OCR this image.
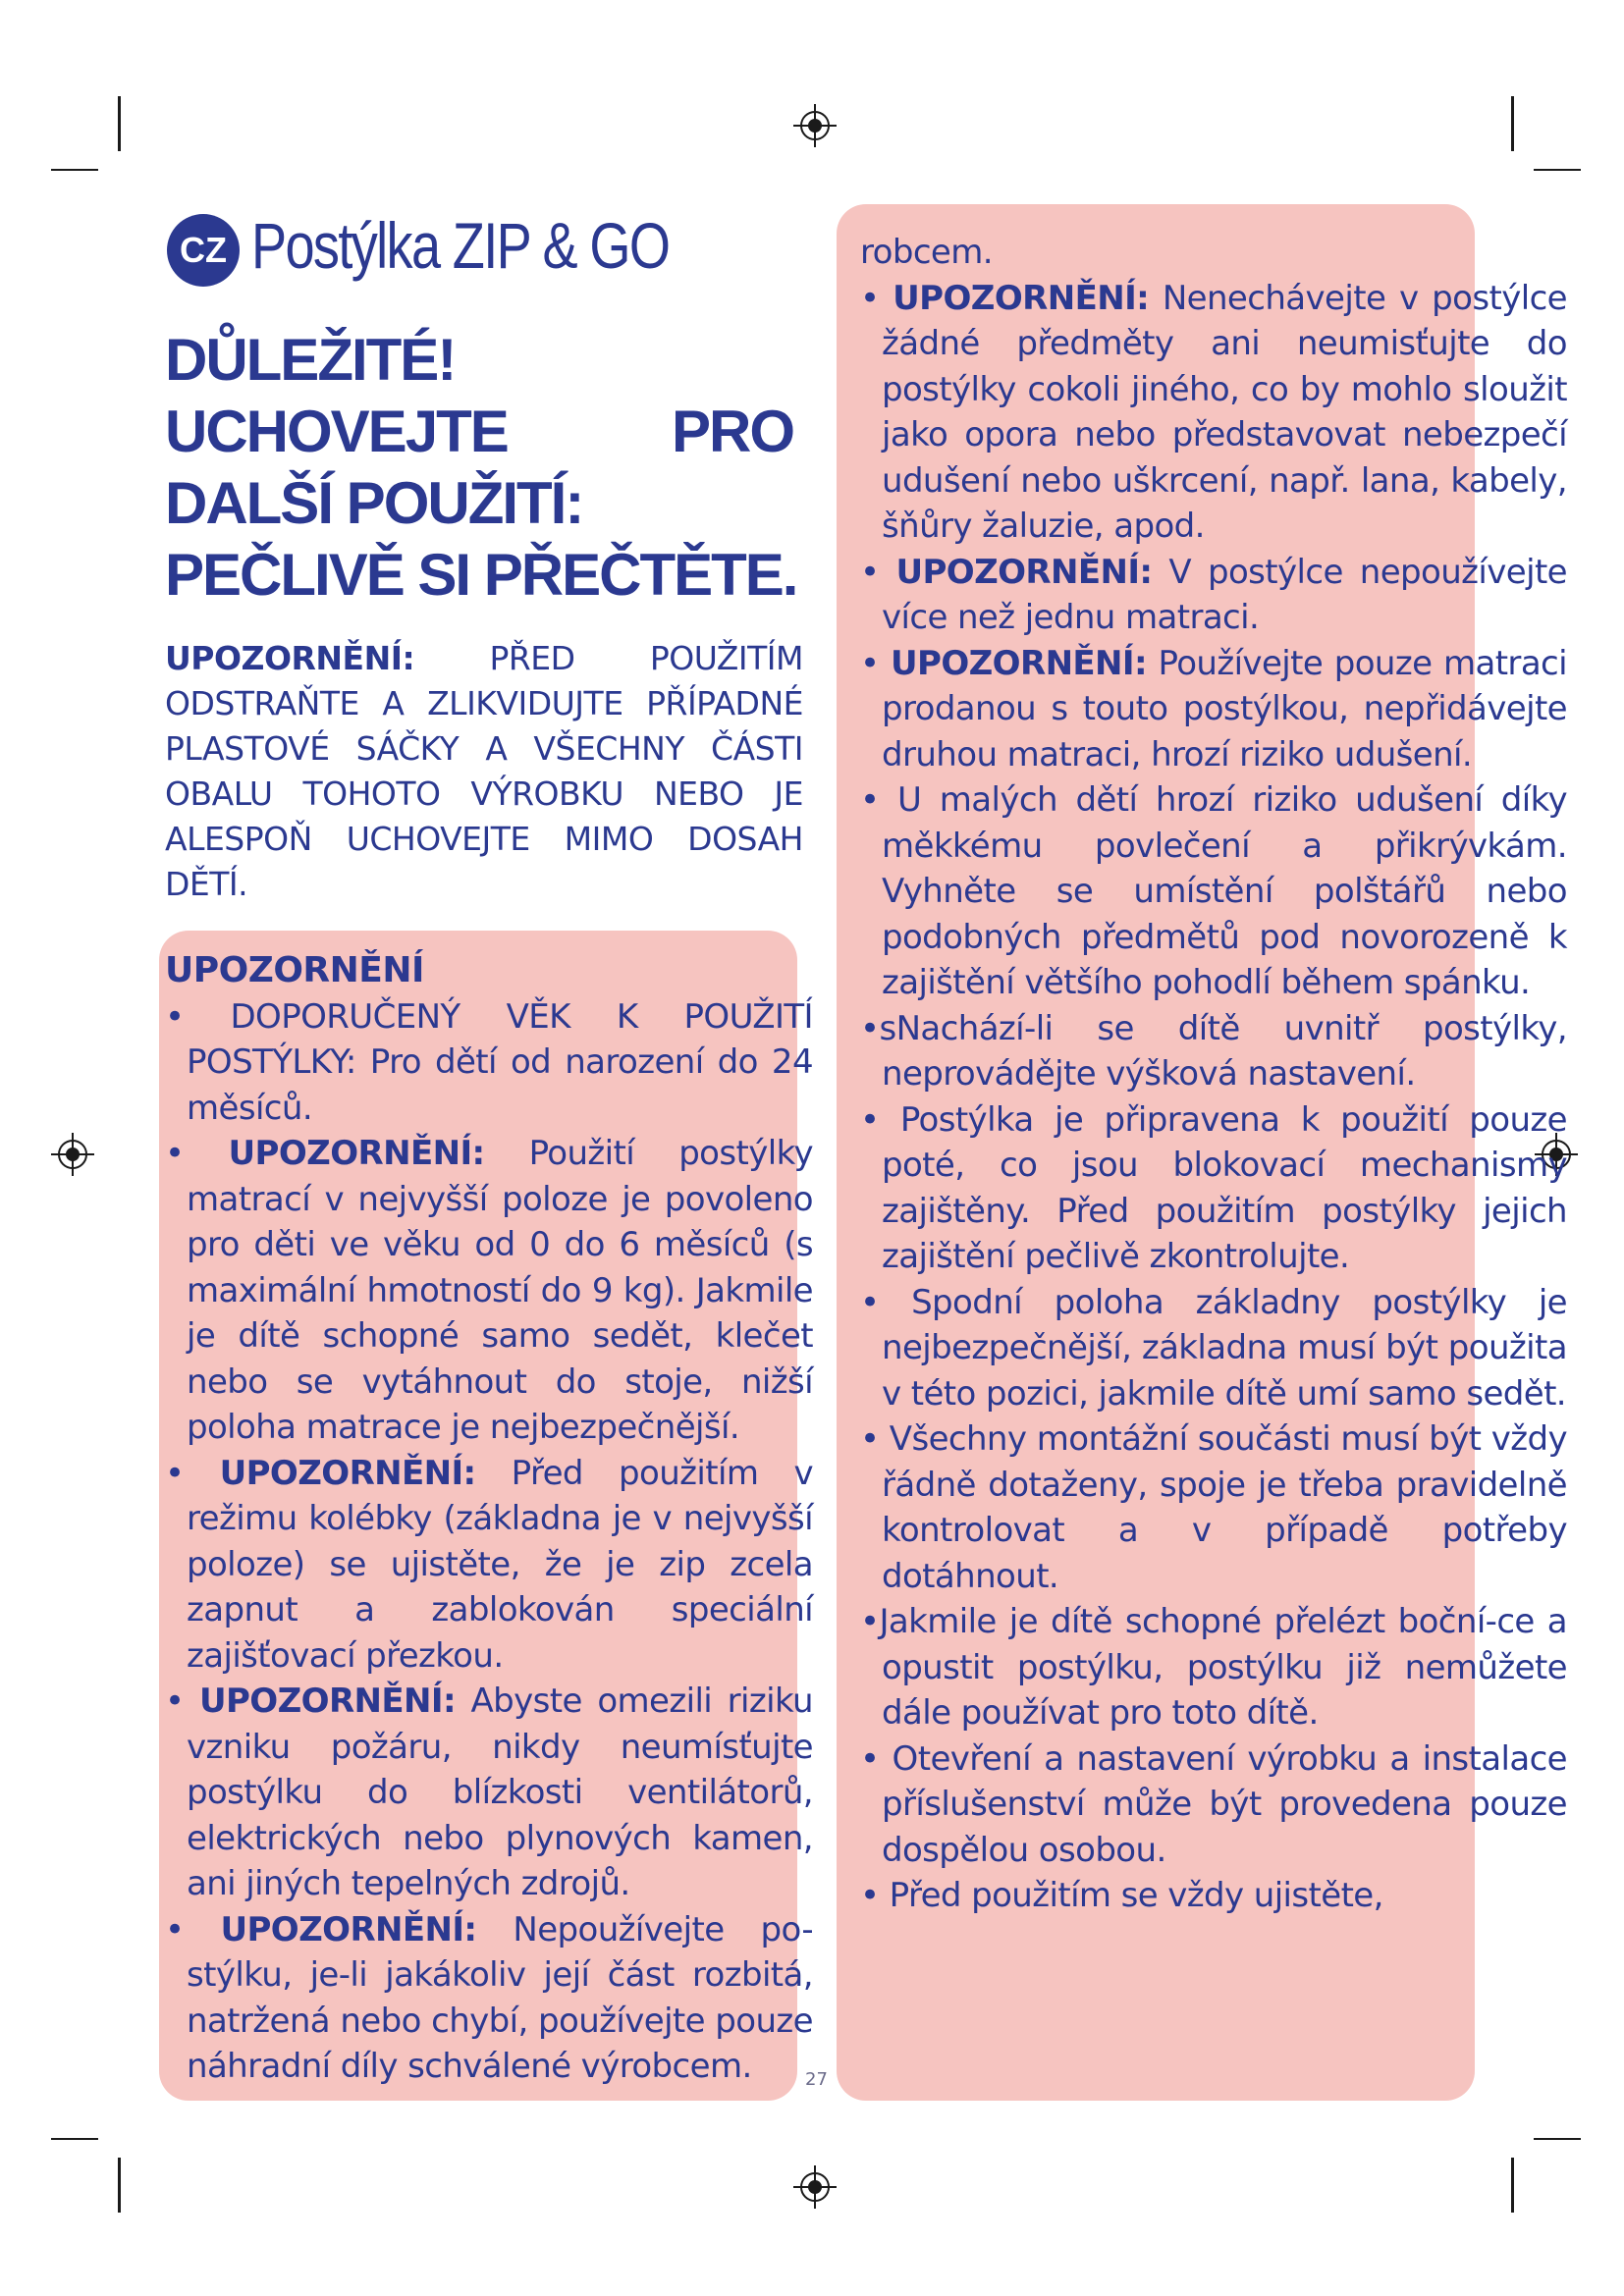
CZ Postýlka ZIP & GO
DŮLEŽITÉ!
UCHOVEJTE	PRO
DALŠÍ POUŽITÍ:
PEČLIVĚ SI PŘEČTĚTE.

UPOZORNĚNÍ: PŘED POUŽITÍM ODSTRAŇTE A ZLIKVIDUJTE PŘÍPADNÉ PLASTOVÉ SÁČKY A VŠECHNY ČÁSTI OBALU TOHOTO VÝROBKU NEBO JE ALESPOŇ UCHOVEJTE MIMO DOSAH DĚTÍ.

UPOZORNĚNÍ

• DOPORUČENÝ VĚK K POUŽITÍ POSTÝLKY: Pro dětí od narození do 24 měsíců.

• UPOZORNĚNÍ: Použití postýlky matrací v nejvyšší poloze je povoleno pro děti ve věku od 0 do 6 měsíců (s maximální hmotností do 9 kg). Jakmile je dítě schopné samo sedět, klečet nebo se vytáhnout do stoje, nižší poloha matrace je nejbezpečnější.

• UPOZORNĚNÍ: Před použitím v režimu kolébky (základna je v nejvyšší poloze) se ujistěte, že je zip zcela zapnut a zablokován speciální zajišťovací přezkou.

• UPOZORNĚNÍ: Abyste omezili riziku vzniku požáru, nikdy neumísťujte postýlku do blízkosti ventilátorů, elektrických nebo plynových kamen, ani jiných tepelných zdrojů.

• UPOZORNĚNÍ: Nepoužívejte po-stýlku, je-li jakákoliv její část rozbitá, natržená nebo chybí, používejte pouze náhradní díly schválené výrobcem.

robcem.

• UPOZORNĚNÍ: Nenechávejte v postýlce žádné předměty ani neumisťujte do postýlky cokoli jiného, co by mohlo sloužit jako opora nebo představovat nebezpečí udušení nebo uškrcení, např. lana, kabely, šňůry žaluzie, apod.

• UPOZORNĚNÍ: V postýlce nepoužívejte více než jednu matraci.

• UPOZORNĚNÍ: Používejte pouze matraci prodanou s touto postýlkou, nepřidávejte druhou matraci, hrozí riziko udušení.

• U malých dětí hrozí riziko udušení díky měkkému povlečení a přikrývkám. Vyhněte se umístění polštářů nebo podobných předmětů pod novorozeně k zajištění většího pohodlí během spánku.

•sNachází-li se dítě uvnitř postýlky, neprovádějte výšková nastavení.

• Postýlka je připravena k použití pouze poté, co jsou blokovací mechanismy zajištěny. Před použitím postýlky jejich zajištění pečlivě zkontrolujte.

• Spodní poloha základny postýlky je nejbezpečnější, základna musí být použita v této pozici, jakmile dítě umí samo sedět.

• Všechny montážní součásti musí být vždy řádně dotaženy, spoje je třeba pravidelně kontrolovat a v případě potřeby dotáhnout.

•Jakmile je dítě schopné přelézt boční-ce a opustit postýlku, postýlku již nemůžete dále používat pro toto dítě.

• Otevření a nastavení výrobku a instalace příslušenství může být provedena pouze dospělou osobou.

• Před použitím se vždy ujistěte,

27
